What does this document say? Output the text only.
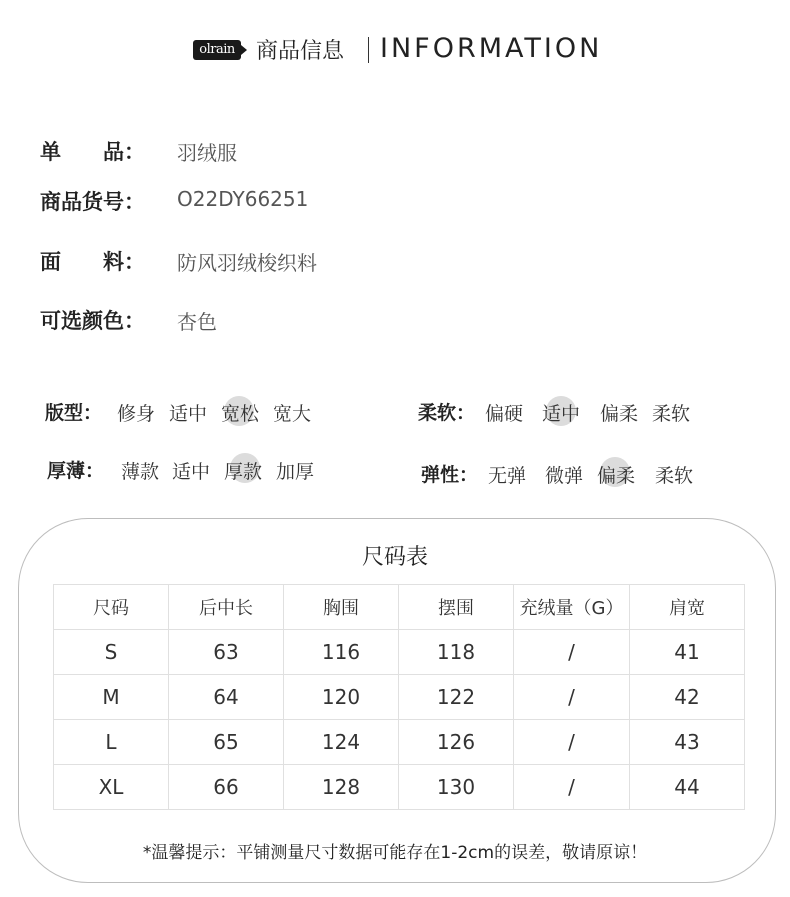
olrain 商品信息 INFORMATION
单　　品： 羽绒服
商品货号： O22DY66251
面　　料： 防风羽绒梭织料
可选颜色： 杏色
版型： 修身 适中 宽松 宽大	柔软： 偏硬 适中 偏柔 柔软
厚薄： 薄款 适中 厚款 加厚	弹性： 无弹 微弹 偏柔 柔软
尺码表
尺码	后中长	胸围	摆围	充绒量（G）	肩宽
S	63	116	118	/	41
M	64	120	122	/	42
L	65	124	126	/	43
XL	66	128	130	/	44
*温馨提示：平铺测量尺寸数据可能存在1-2cm的误差，敬请原谅！
